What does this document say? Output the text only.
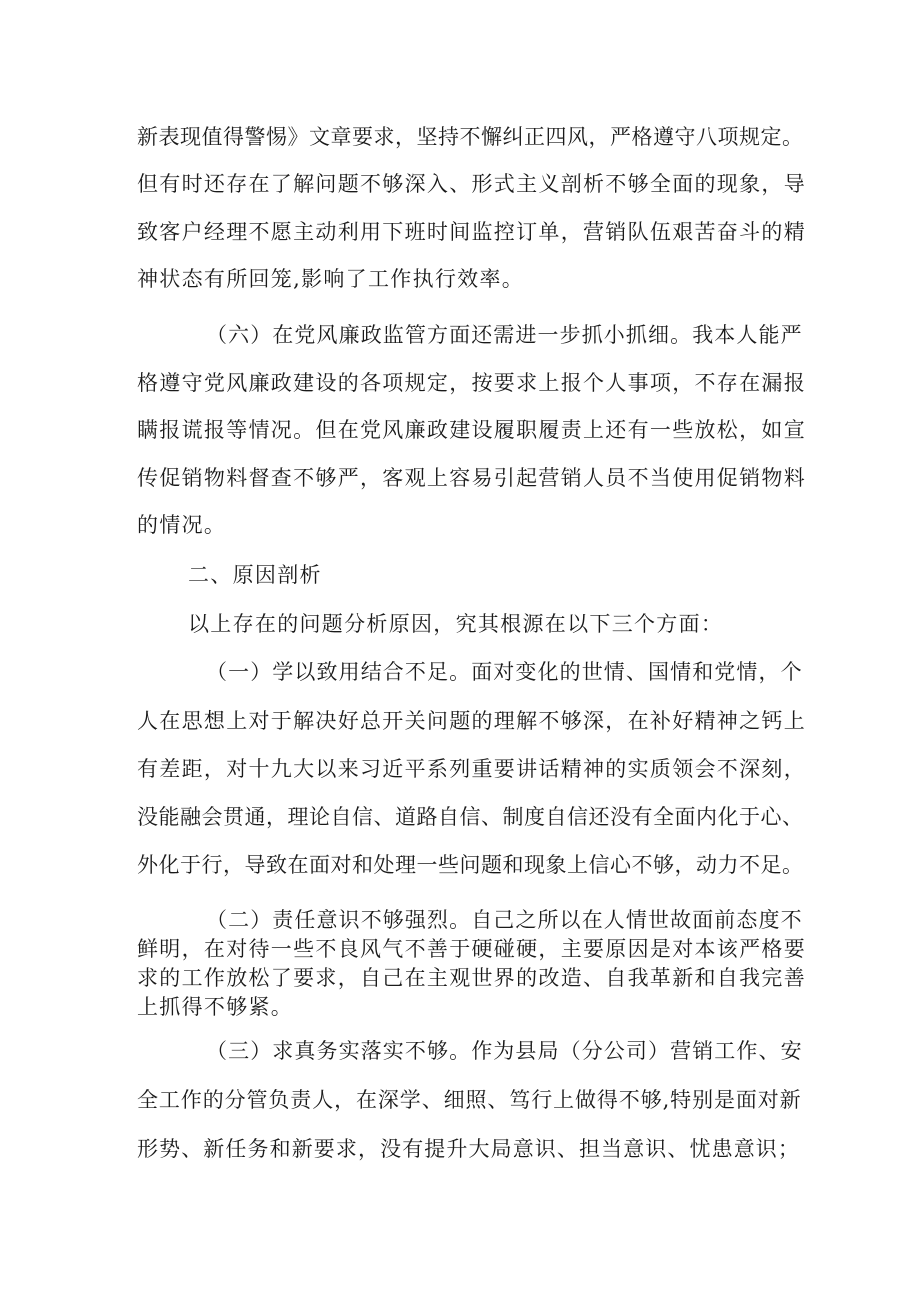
新表现值得警惕》文章要求，坚持不懈纠正四风，严格遵守八项规定。
但有时还存在了解问题不够深入、形式主义剖析不够全面的现象，导
致客户经理不愿主动利用下班时间监控订单，营销队伍艰苦奋斗的精
神状态有所回笼,影响了工作执行效率。
（六）在党风廉政监管方面还需进一步抓小抓细。我本人能严
格遵守党风廉政建设的各项规定，按要求上报个人事项，不存在漏报
瞒报谎报等情况。但在党风廉政建设履职履责上还有一些放松，如宣
传促销物料督查不够严，客观上容易引起营销人员不当使用促销物料
的情况。
二、原因剖析
以上存在的问题分析原因，究其根源在以下三个方面：
（一）学以致用结合不足。面对变化的世情、国情和党情，个
人在思想上对于解决好总开关问题的理解不够深，在补好精神之钙上
有差距，对十九大以来习近平系列重要讲话精神的实质领会不深刻，
没能融会贯通，理论自信、道路自信、制度自信还没有全面内化于心、
外化于行，导致在面对和处理一些问题和现象上信心不够，动力不足。
（二）责任意识不够强烈。自己之所以在人情世故面前态度不
鲜明，在对待一些不良风气不善于硬碰硬，主要原因是对本该严格要
求的工作放松了要求，自己在主观世界的改造、自我革新和自我完善
上抓得不够紧。
（三）求真务实落实不够。作为县局（分公司）营销工作、安
全工作的分管负责人，在深学、细照、笃行上做得不够,特别是面对新
形势、新任务和新要求，没有提升大局意识、担当意识、忧患意识；
